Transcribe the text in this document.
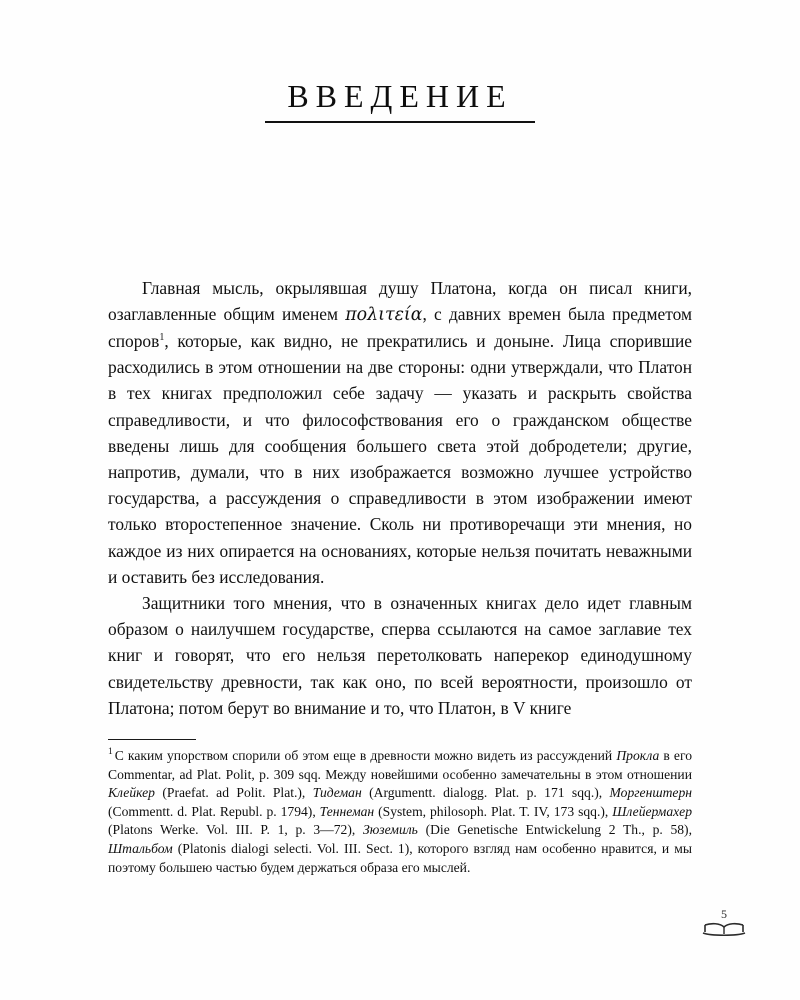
ВВЕДЕНИЕ

Главная мысль, окрылявшая душу Платона, когда он писал книги, озаглавленные общим именем πολιτεία, с давних времен была предметом споров$^1$, которые, как видно, не прекратились и доныне. Лица спорившие расходились в этом отношении на две стороны: одни утверждали, что Платон в тех книгах предположил себе задачу — указать и раскрыть свойства справедливости, и что философствования его о гражданском обществе введены лишь для сообщения большего света этой добродетели; другие, напротив, думали, что в них изображается возможно лучшее устройство государства, а рассуждения о справедливости в этом изображении имеют только второстепенное значение. Сколь ни противоречащи эти мнения, но каждое из них опирается на основаниях, которые нельзя почитать неважными и оставить без исследования.

Защитники того мнения, что в означенных книгах дело идет главным образом о наилучшем государстве, сперва ссылаются на самое заглавие тех книг и говорят, что его нельзя перетолковать наперекор единодушному свидетельству древности, так как оно, по всей вероятности, произошло от Платона; потом берут во внимание и то, что Платон, в V книге

$^1$ С каким упорством спорили об этом еще в древности можно видеть из рассуждений Прокла в его Commentar, ad Plat. Polit, p. 309 sqq. Между новейшими особенно замечательны в этом отношении Клейкер (Praefat. ad Polit. Plat.), Тидеман (Argumentt. dialogg. Plat. p. 171 sqq.), Моргенштерн (Commentt. d. Plat. Republ. p. 1794), Теннеман (System, philosoph. Plat. T. IV, 173 sqq.), Шлейермахер (Platons Werke. Vol. III. P. 1, p. 3—72), Зюземиль (Die Genetische Entwickelung 2 Th., p. 58), Штальбом (Platonis dialogi selecti. Vol. III. Sect. 1), которого взгляд нам особенно нравится, и мы поэтому большею частью будем держаться образа его мыслей.

5
